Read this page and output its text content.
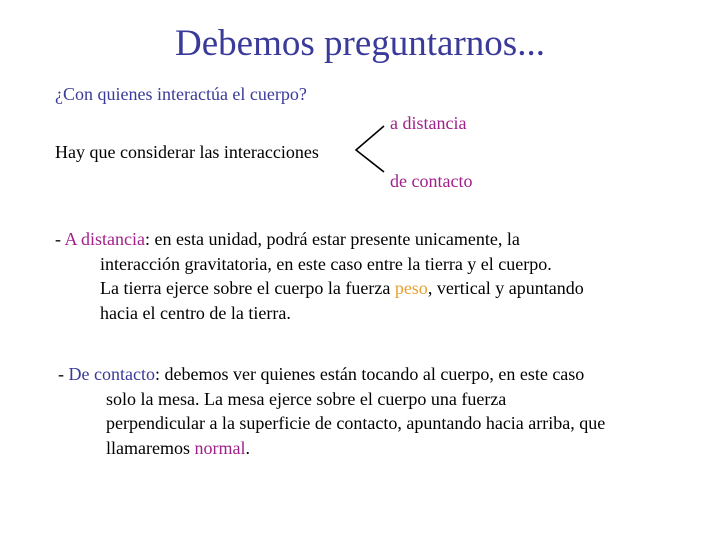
Debemos preguntarnos...
¿Con quienes interactúa el cuerpo?
a distancia
Hay que considerar las interacciones
de contacto
- A distancia: en esta unidad, podrá estar presente unicamente, la
interacción gravitatoria, en este caso entre la tierra y el cuerpo.
La tierra ejerce sobre el cuerpo la fuerza peso, vertical y apuntando
hacia el centro de la tierra.
- De contacto: debemos ver quienes están tocando al cuerpo, en este caso
solo la mesa. La mesa ejerce sobre el cuerpo una fuerza
perpendicular a la superficie de contacto, apuntando hacia arriba, que
llamaremos normal.
